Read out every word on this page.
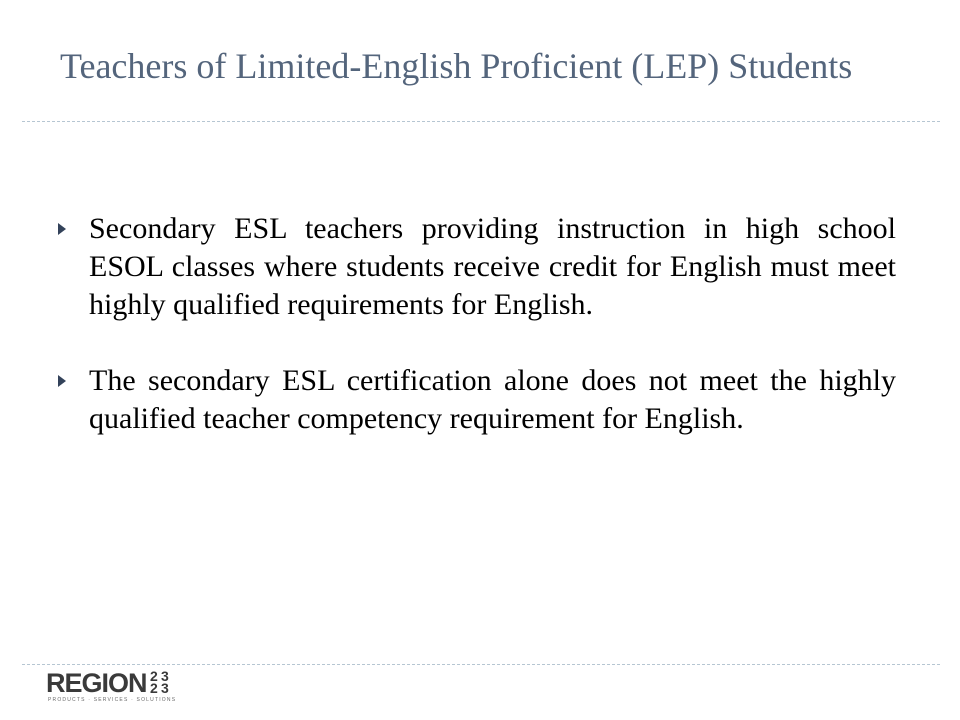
Teachers of Limited-English Proficient (LEP) Students
Secondary ESL teachers providing instruction in high school ESOL classes where students receive credit for English must meet highly qualified requirements for English.
The secondary ESL certification alone does not meet the highly qualified teacher competency requirement for English.
REGION 2 3
2 3
PRODUCTS · SERVICES · SOLUTIONS
